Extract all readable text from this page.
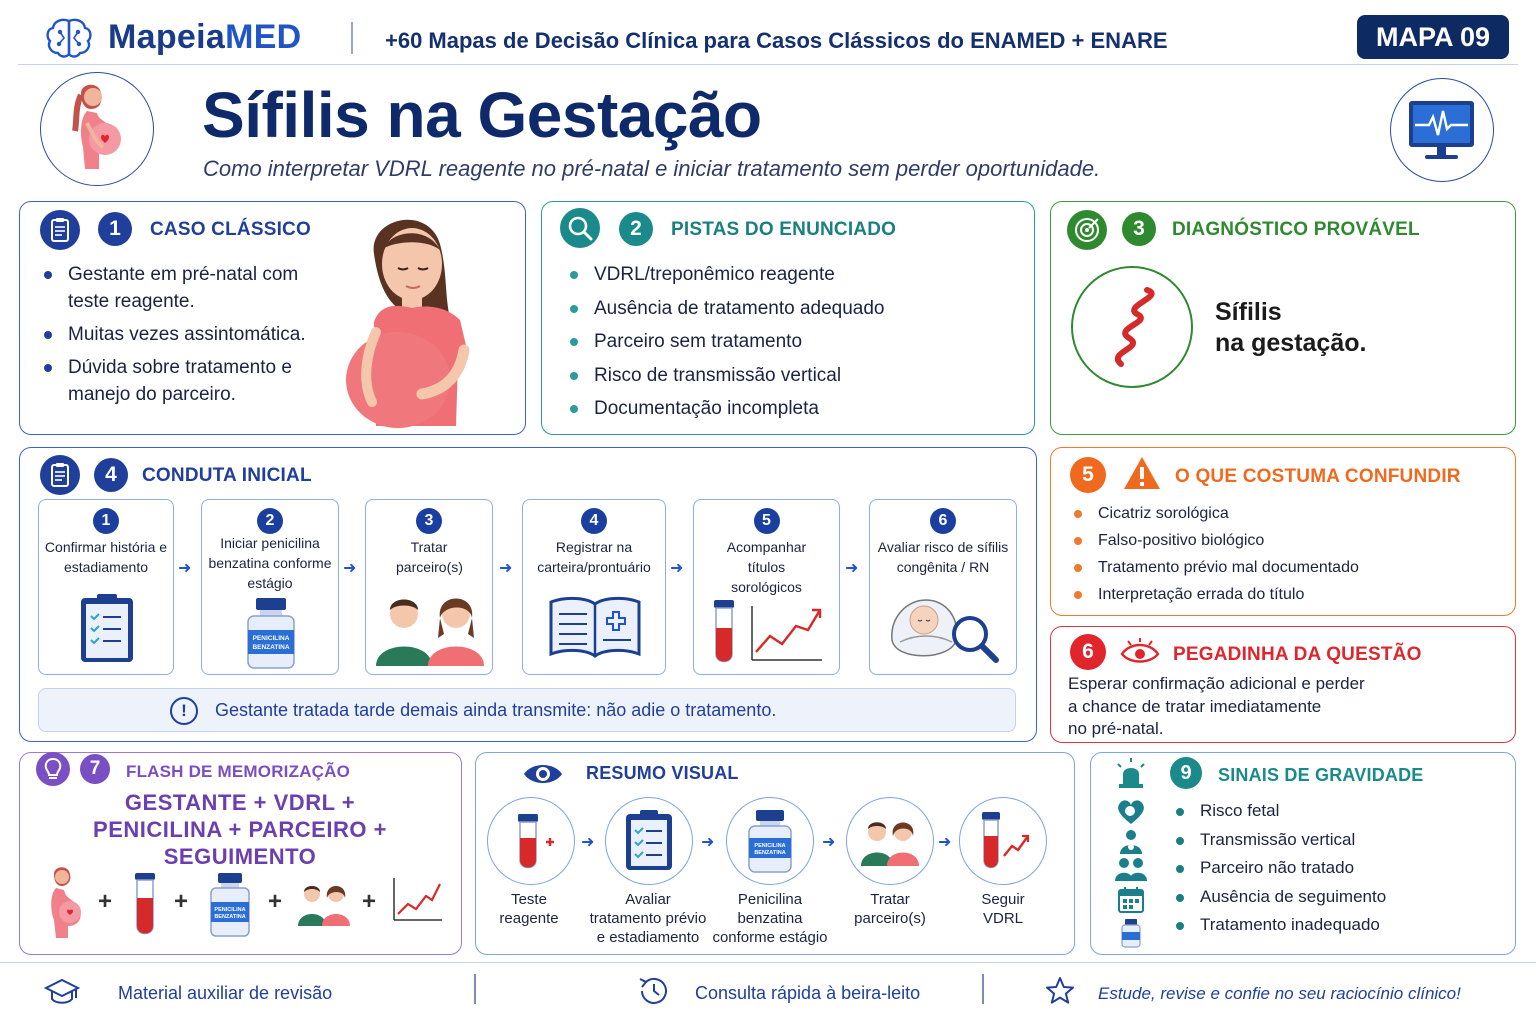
MapeiaMED	+60 Mapas de Decisão Clínica para Casos Clássicos do ENAMED + ENARE	MAPA 09
Sífilis na Gestação
Como interpretar VDRL reagente no pré-natal e iniciar tratamento sem perder oportunidade.
1	CASO CLÁSSICO
Gestante em pré-natal com teste reagente.
Muitas vezes assintomática.
Dúvida sobre tratamento e manejo do parceiro.
2	PISTAS DO ENUNCIADO
VDRL/treponêmico reagente
Ausência de tratamento adequado
Parceiro sem tratamento
Risco de transmissão vertical
Documentação incompleta
3	DIAGNÓSTICO PROVÁVEL
Sífilis
na gestação.
4	CONDUTA INICIAL
1
Confirmar história e estadiamento	➜
2
Iniciar penicilina benzatina conforme estágio
PENICILINA
BENZATINA
➜
3
Tratar parceiro(s) ➜
4
Registrar na carteira/prontuário	➜
5
Acompanhar títulos sorológicos
➜
6
Avaliar risco de sífilis congênita / RN
!	Gestante tratada tarde demais ainda transmite: não adie o tratamento.
5	O QUE COSTUMA CONFUNDIR
Cicatriz sorológica
Falso-positivo biológico
Tratamento prévio mal documentado
Interpretação errada do título
6	PEGADINHA DA QUESTÃO
Esperar confirmação adicional e perder
a chance de tratar imediatamente
no pré-natal.
7	FLASH DE MEMORIZAÇÃO
GESTANTE + VDRL +
PENICILINA + PARCEIRO +
SEGUIMENTO
+	+	PENICILINA
BENZATINA
+	+
RESUMO VISUAL
➜	➜	PENICILINA
BENZATINA
➜	➜
Teste
reagente
Avaliar
tratamento prévio
e estadiamento
Penicilina
benzatina
conforme estágio
Tratar
parceiro(s)
Seguir
VDRL
9	SINAIS DE GRAVIDADE
Risco fetal
Transmissão vertical
Parceiro não tratado
Ausência de seguimento
Tratamento inadequado
Material auxiliar de revisão	Consulta rápida à beira-leito	Estude, revise e confie no seu raciocínio clínico!
